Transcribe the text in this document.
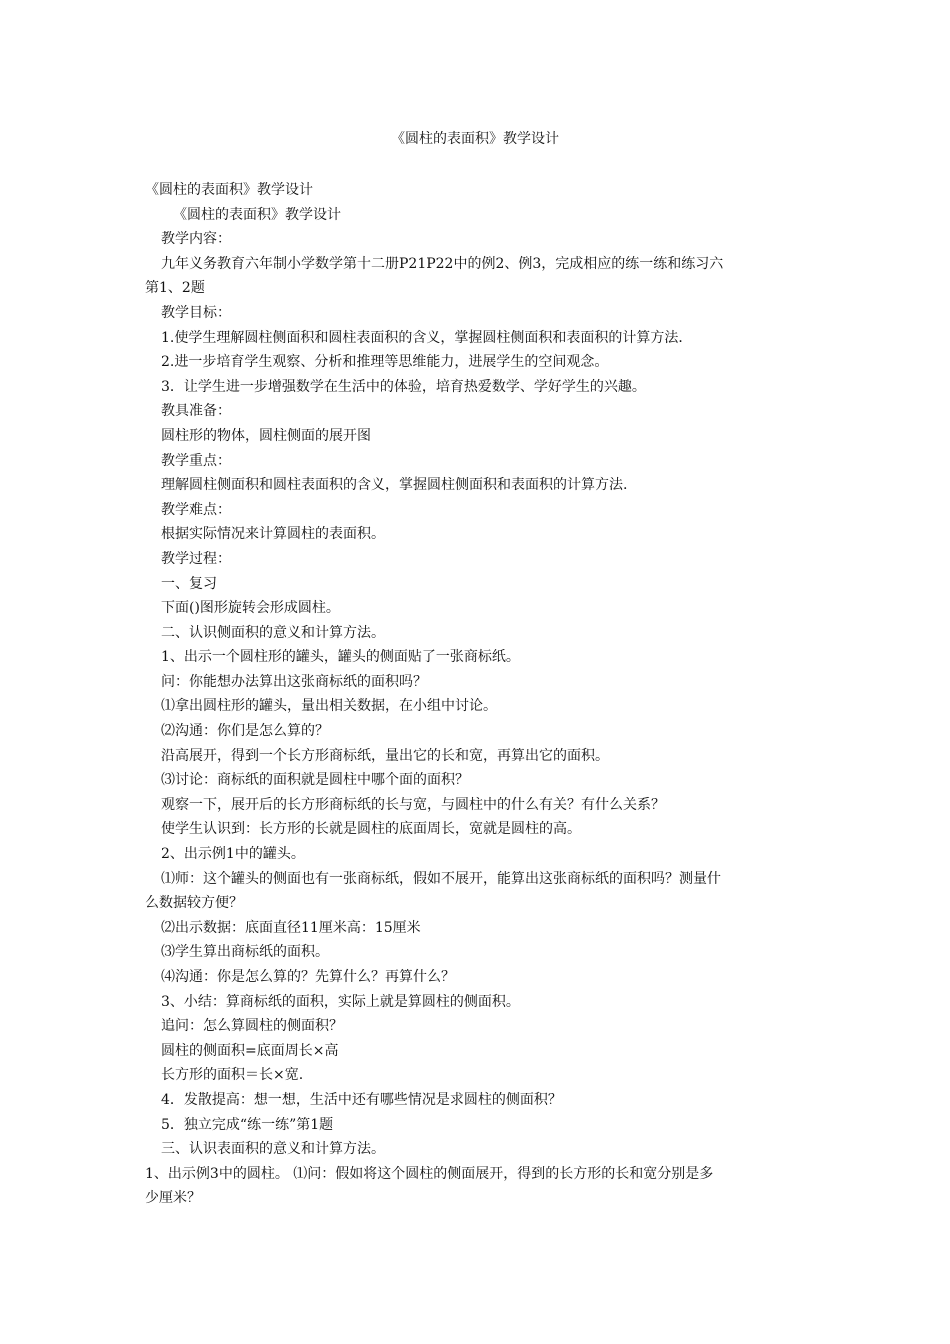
《圆柱的表面积》教学设计
《圆柱的表面积》教学设计
《圆柱的表面积》教学设计
教学内容：
九年义务教育六年制小学数学第十二册P21P22中的例2、例3，完成相应的练一练和练习六
第1、2题
教学目标：
1.使学生理解圆柱侧面积和圆柱表面积的含义，掌握圆柱侧面积和表面积的计算方法．
2.进一步培育学生观察、分析和推理等思维能力，进展学生的空间观念。
3．让学生进一步增强数学在生活中的体验，培育热爱数学、学好学生的兴趣。
教具准备：
圆柱形的物体，圆柱侧面的展开图
教学重点：
理解圆柱侧面积和圆柱表面积的含义，掌握圆柱侧面积和表面积的计算方法.
教学难点：
根据实际情况来计算圆柱的表面积。
教学过程：
一、复习
下面()图形旋转会形成圆柱。
二、认识侧面积的意义和计算方法。
1、出示一个圆柱形的罐头，罐头的侧面贴了一张商标纸。
问：你能想办法算出这张商标纸的面积吗？
⑴拿出圆柱形的罐头，量出相关数据，在小组中讨论。
⑵沟通：你们是怎么算的？
沿高展开，得到一个长方形商标纸，量出它的长和宽，再算出它的面积。
⑶讨论：商标纸的面积就是圆柱中哪个面的面积？
观察一下，展开后的长方形商标纸的长与宽，与圆柱中的什么有关？有什么关系？
使学生认识到：长方形的长就是圆柱的底面周长，宽就是圆柱的高。
2、出示例1中的罐头。
⑴师：这个罐头的侧面也有一张商标纸，假如不展开，能算出这张商标纸的面积吗？测量什
么数据较方便？
⑵出示数据：底面直径11厘米高：15厘米
⑶学生算出商标纸的面积。
⑷沟通：你是怎么算的？先算什么？再算什么？
3、小结：算商标纸的面积，实际上就是算圆柱的侧面积。
追问：怎么算圆柱的侧面积？
圆柱的侧面积=底面周长×高
长方形的面积＝长×宽.
4．发散提高：想一想，生活中还有哪些情况是求圆柱的侧面积？
5．独立完成“练一练”第1题
三、认识表面积的意义和计算方法。
1、出示例3中的圆柱。 ⑴问：假如将这个圆柱的侧面展开，得到的长方形的长和宽分别是多
少厘米？
